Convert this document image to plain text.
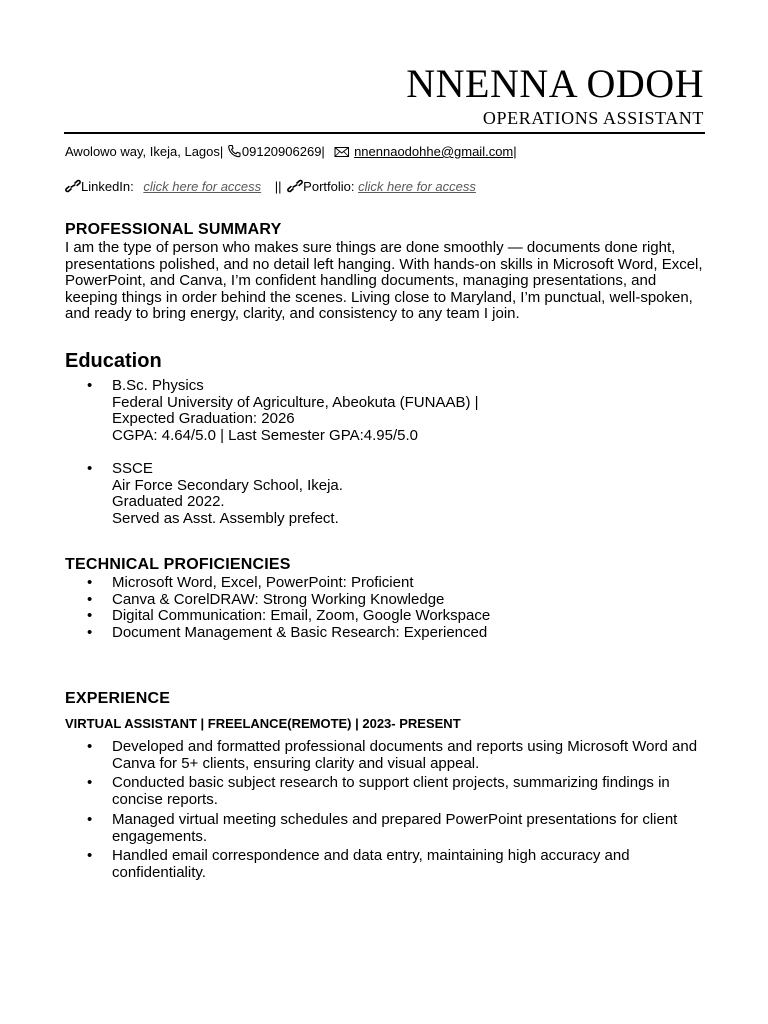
NNENNA ODOH
OPERATIONS ASSISTANT
Awolowo way, Ikeja, Lagos| 09120906269| nnennaodohhe@gmail.com|
LinkedIn: click here for access || Portfolio: click here for access
PROFESSIONAL SUMMARY
I am the type of person who makes sure things are done smoothly — documents done right, presentations polished, and no detail left hanging. With hands-on skills in Microsoft Word, Excel, PowerPoint, and Canva, I’m confident handling documents, managing presentations, and keeping things in order behind the scenes. Living close to Maryland, I’m punctual, well-spoken, and ready to bring energy, clarity, and consistency to any team I join.
Education
• B.Sc. Physics
Federal University of Agriculture, Abeokuta (FUNAAB) |
Expected Graduation: 2026
CGPA: 4.64/5.0 | Last Semester GPA:4.95/5.0
• SSCE
Air Force Secondary School, Ikeja.
Graduated 2022.
Served as Asst. Assembly prefect.
TECHNICAL PROFICIENCIES
• Microsoft Word, Excel, PowerPoint: Proficient
• Canva & CorelDRAW: Strong Working Knowledge
• Digital Communication: Email, Zoom, Google Workspace
• Document Management & Basic Research: Experienced
EXPERIENCE
VIRTUAL ASSISTANT | FREELANCE(REMOTE) | 2023- PRESENT
• Developed and formatted professional documents and reports using Microsoft Word and Canva for 5+ clients, ensuring clarity and visual appeal.
• Conducted basic subject research to support client projects, summarizing findings in concise reports.
• Managed virtual meeting schedules and prepared PowerPoint presentations for client engagements.
• Handled email correspondence and data entry, maintaining high accuracy and confidentiality.
